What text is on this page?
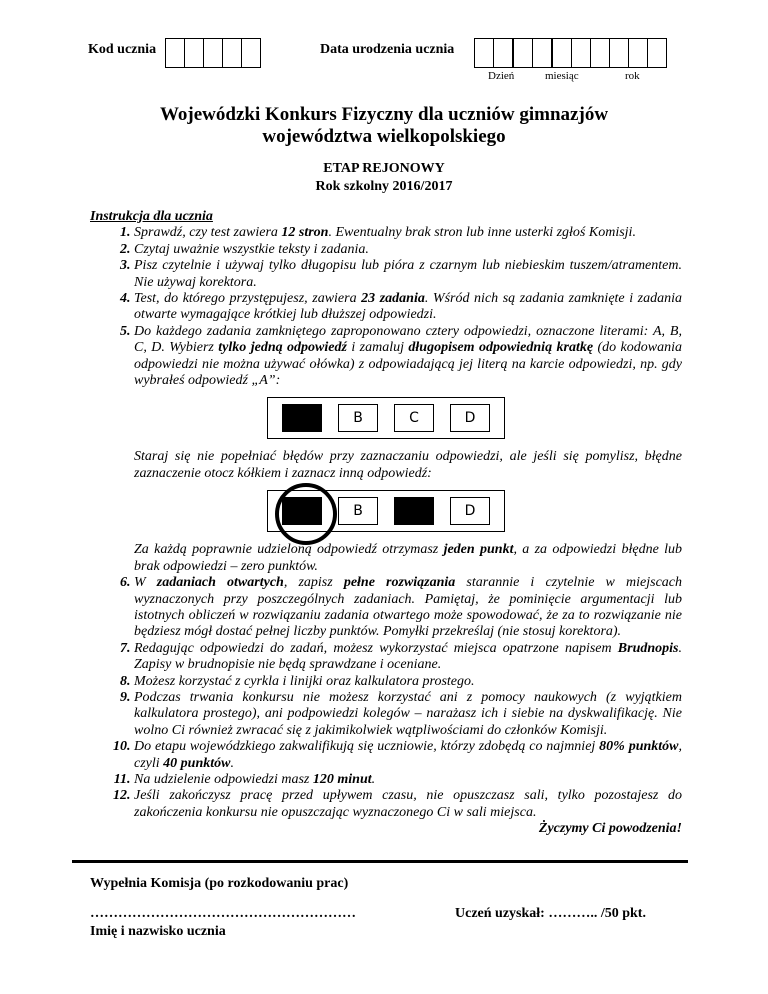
Kod ucznia	Data urodzenia ucznia
Dzień	miesiąc	rok
Wojewódzki Konkurs Fizyczny dla uczniów gimnazjów
województwa wielkopolskiego
ETAP REJONOWY
Rok szkolny 2016/2017
Instrukcja dla ucznia
1. Sprawdź, czy test zawiera 12 stron. Ewentualny brak stron lub inne usterki zgłoś Komisji.
2. Czytaj uważnie wszystkie teksty i zadania.
3. Pisz czytelnie i używaj tylko długopisu lub pióra z czarnym lub niebieskim tuszem/atramentem. Nie używaj korektora.
4. Test, do którego przystępujesz, zawiera 23 zadania. Wśród nich są zadania zamknięte i zadania otwarte wymagające krótkiej lub dłuższej odpowiedzi.
5. Do każdego zadania zamkniętego zaproponowano cztery odpowiedzi, oznaczone literami: A, B, C, D. Wybierz tylko jedną odpowiedź i zamaluj długopisem odpowiednią kratkę (do kodowania odpowiedzi nie można używać ołówka) z odpowiadającą jej literą na karcie odpowiedzi, np. gdy wybrałeś odpowiedź „A”:
B	C	D
Staraj się nie popełniać błędów przy zaznaczaniu odpowiedzi, ale jeśli się pomylisz, błędne zaznaczenie otocz kółkiem i zaznacz inną odpowiedź:
B	D
Za każdą poprawnie udzieloną odpowiedź otrzymasz jeden punkt, a za odpowiedzi błędne lub brak odpowiedzi – zero punktów.
6. W zadaniach otwartych, zapisz pełne rozwiązania starannie i czytelnie w miejscach wyznaczonych przy poszczególnych zadaniach. Pamiętaj, że pominięcie argumentacji lub istotnych obliczeń w rozwiązaniu zadania otwartego może spowodować, że za to rozwiązanie nie będziesz mógł dostać pełnej liczby punktów. Pomyłki przekreślaj (nie stosuj korektora).
7. Redagując odpowiedzi do zadań, możesz wykorzystać miejsca opatrzone napisem Brudnopis. Zapisy w brudnopisie nie będą sprawdzane i oceniane.
8. Możesz korzystać z cyrkla i linijki oraz kalkulatora prostego.
9. Podczas trwania konkursu nie możesz korzystać ani z pomocy naukowych (z wyjątkiem kalkulatora prostego), ani podpowiedzi kolegów – narażasz ich i siebie na dyskwalifikację. Nie wolno Ci również zwracać się z jakimikolwiek wątpliwościami do członków Komisji.
10. Do etapu wojewódzkiego zakwalifikują się uczniowie, którzy zdobędą co najmniej 80% punktów, czyli 40 punktów.
11. Na udzielenie odpowiedzi masz 120 minut.
12. Jeśli zakończysz pracę przed upływem czasu, nie opuszczasz sali, tylko pozostajesz do zakończenia konkursu nie opuszczając wyznaczonego Ci w sali miejsca.
Życzymy Ci powodzenia!
Wypełnia Komisja (po rozkodowaniu prac)
…………………………………………………
Imię i nazwisko ucznia
Uczeń uzyskał: ……….. /50 pkt.
